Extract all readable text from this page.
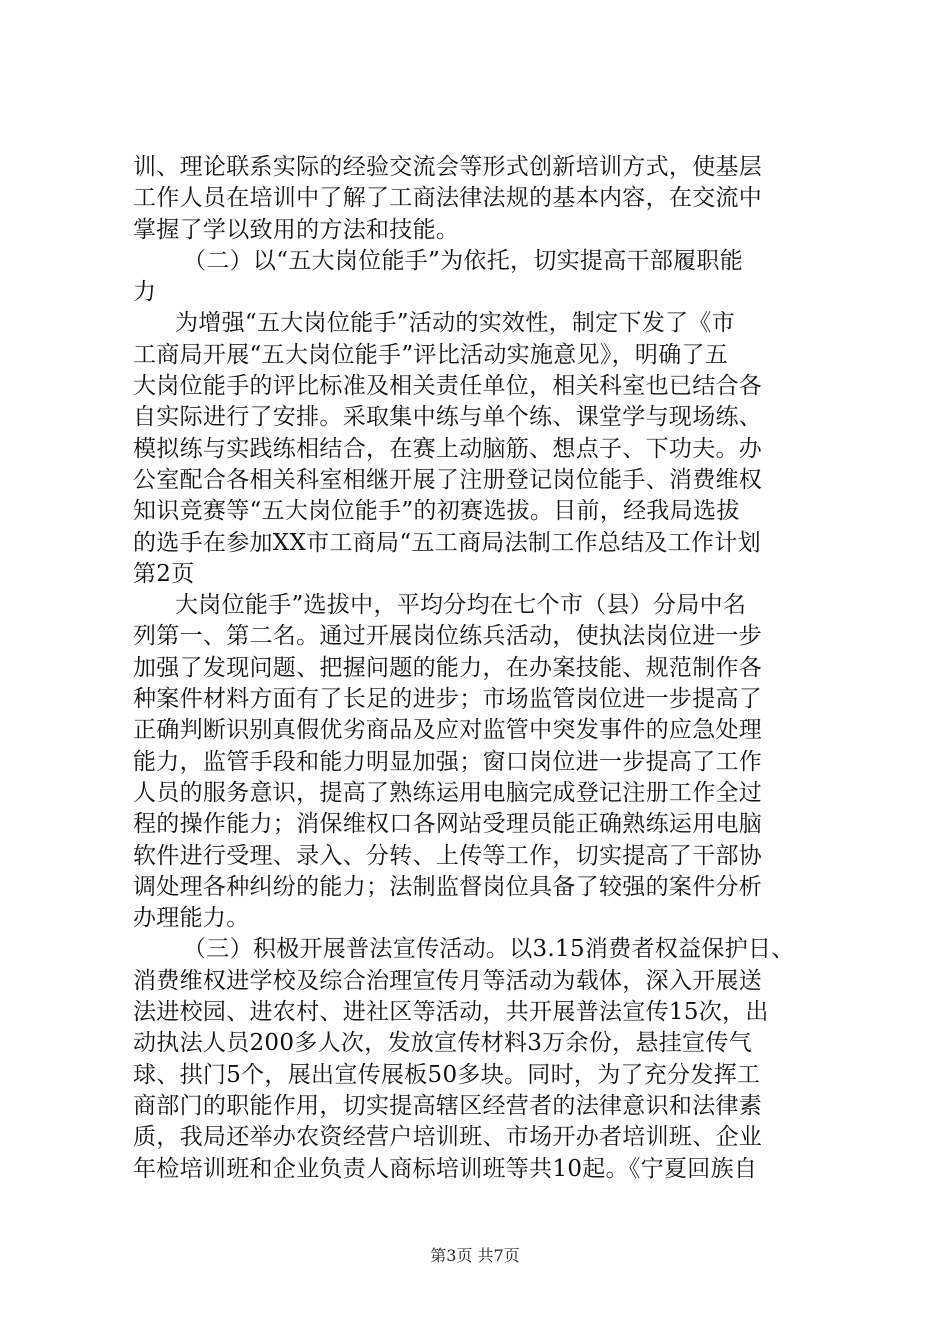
训、理论联系实际的经验交流会等形式创新培训方式，使基层
工作人员在培训中了解了工商法律法规的基本内容，在交流中
掌握了学以致用的方法和技能。
（二）以“五大岗位能手”为依托，切实提高干部履职能
力
为增强“五大岗位能手”活动的实效性，制定下发了《市
工商局开展“五大岗位能手”评比活动实施意见》，明确了五
大岗位能手的评比标准及相关责任单位，相关科室也已结合各
自实际进行了安排。采取集中练与单个练、课堂学与现场练、
模拟练与实践练相结合，在赛上动脑筋、想点子、下功夫。办
公室配合各相关科室相继开展了注册登记岗位能手、消费维权
知识竞赛等“五大岗位能手”的初赛选拔。目前，经我局选拔
的选手在参加XX市工商局“五工商局法制工作总结及工作计划
第2页
大岗位能手”选拔中，平均分均在七个市（县）分局中名
列第一、第二名。通过开展岗位练兵活动，使执法岗位进一步
加强了发现问题、把握问题的能力，在办案技能、规范制作各
种案件材料方面有了长足的进步；市场监管岗位进一步提高了
正确判断识别真假优劣商品及应对监管中突发事件的应急处理
能力，监管手段和能力明显加强；窗口岗位进一步提高了工作
人员的服务意识，提高了熟练运用电脑完成登记注册工作全过
程的操作能力；消保维权口各网站受理员能正确熟练运用电脑
软件进行受理、录入、分转、上传等工作，切实提高了干部协
调处理各种纠纷的能力；法制监督岗位具备了较强的案件分析
办理能力。
（三）积极开展普法宣传活动。以3.15消费者权益保护日、
消费维权进学校及综合治理宣传月等活动为载体，深入开展送
法进校园、进农村、进社区等活动，共开展普法宣传15次，出
动执法人员200多人次，发放宣传材料3万余份，悬挂宣传气
球、拱门5个，展出宣传展板50多块。同时，为了充分发挥工
商部门的职能作用，切实提高辖区经营者的法律意识和法律素
质，我局还举办农资经营户培训班、市场开办者培训班、企业
年检培训班和企业负责人商标培训班等共10起。《宁夏回族自
第3页 共7页
